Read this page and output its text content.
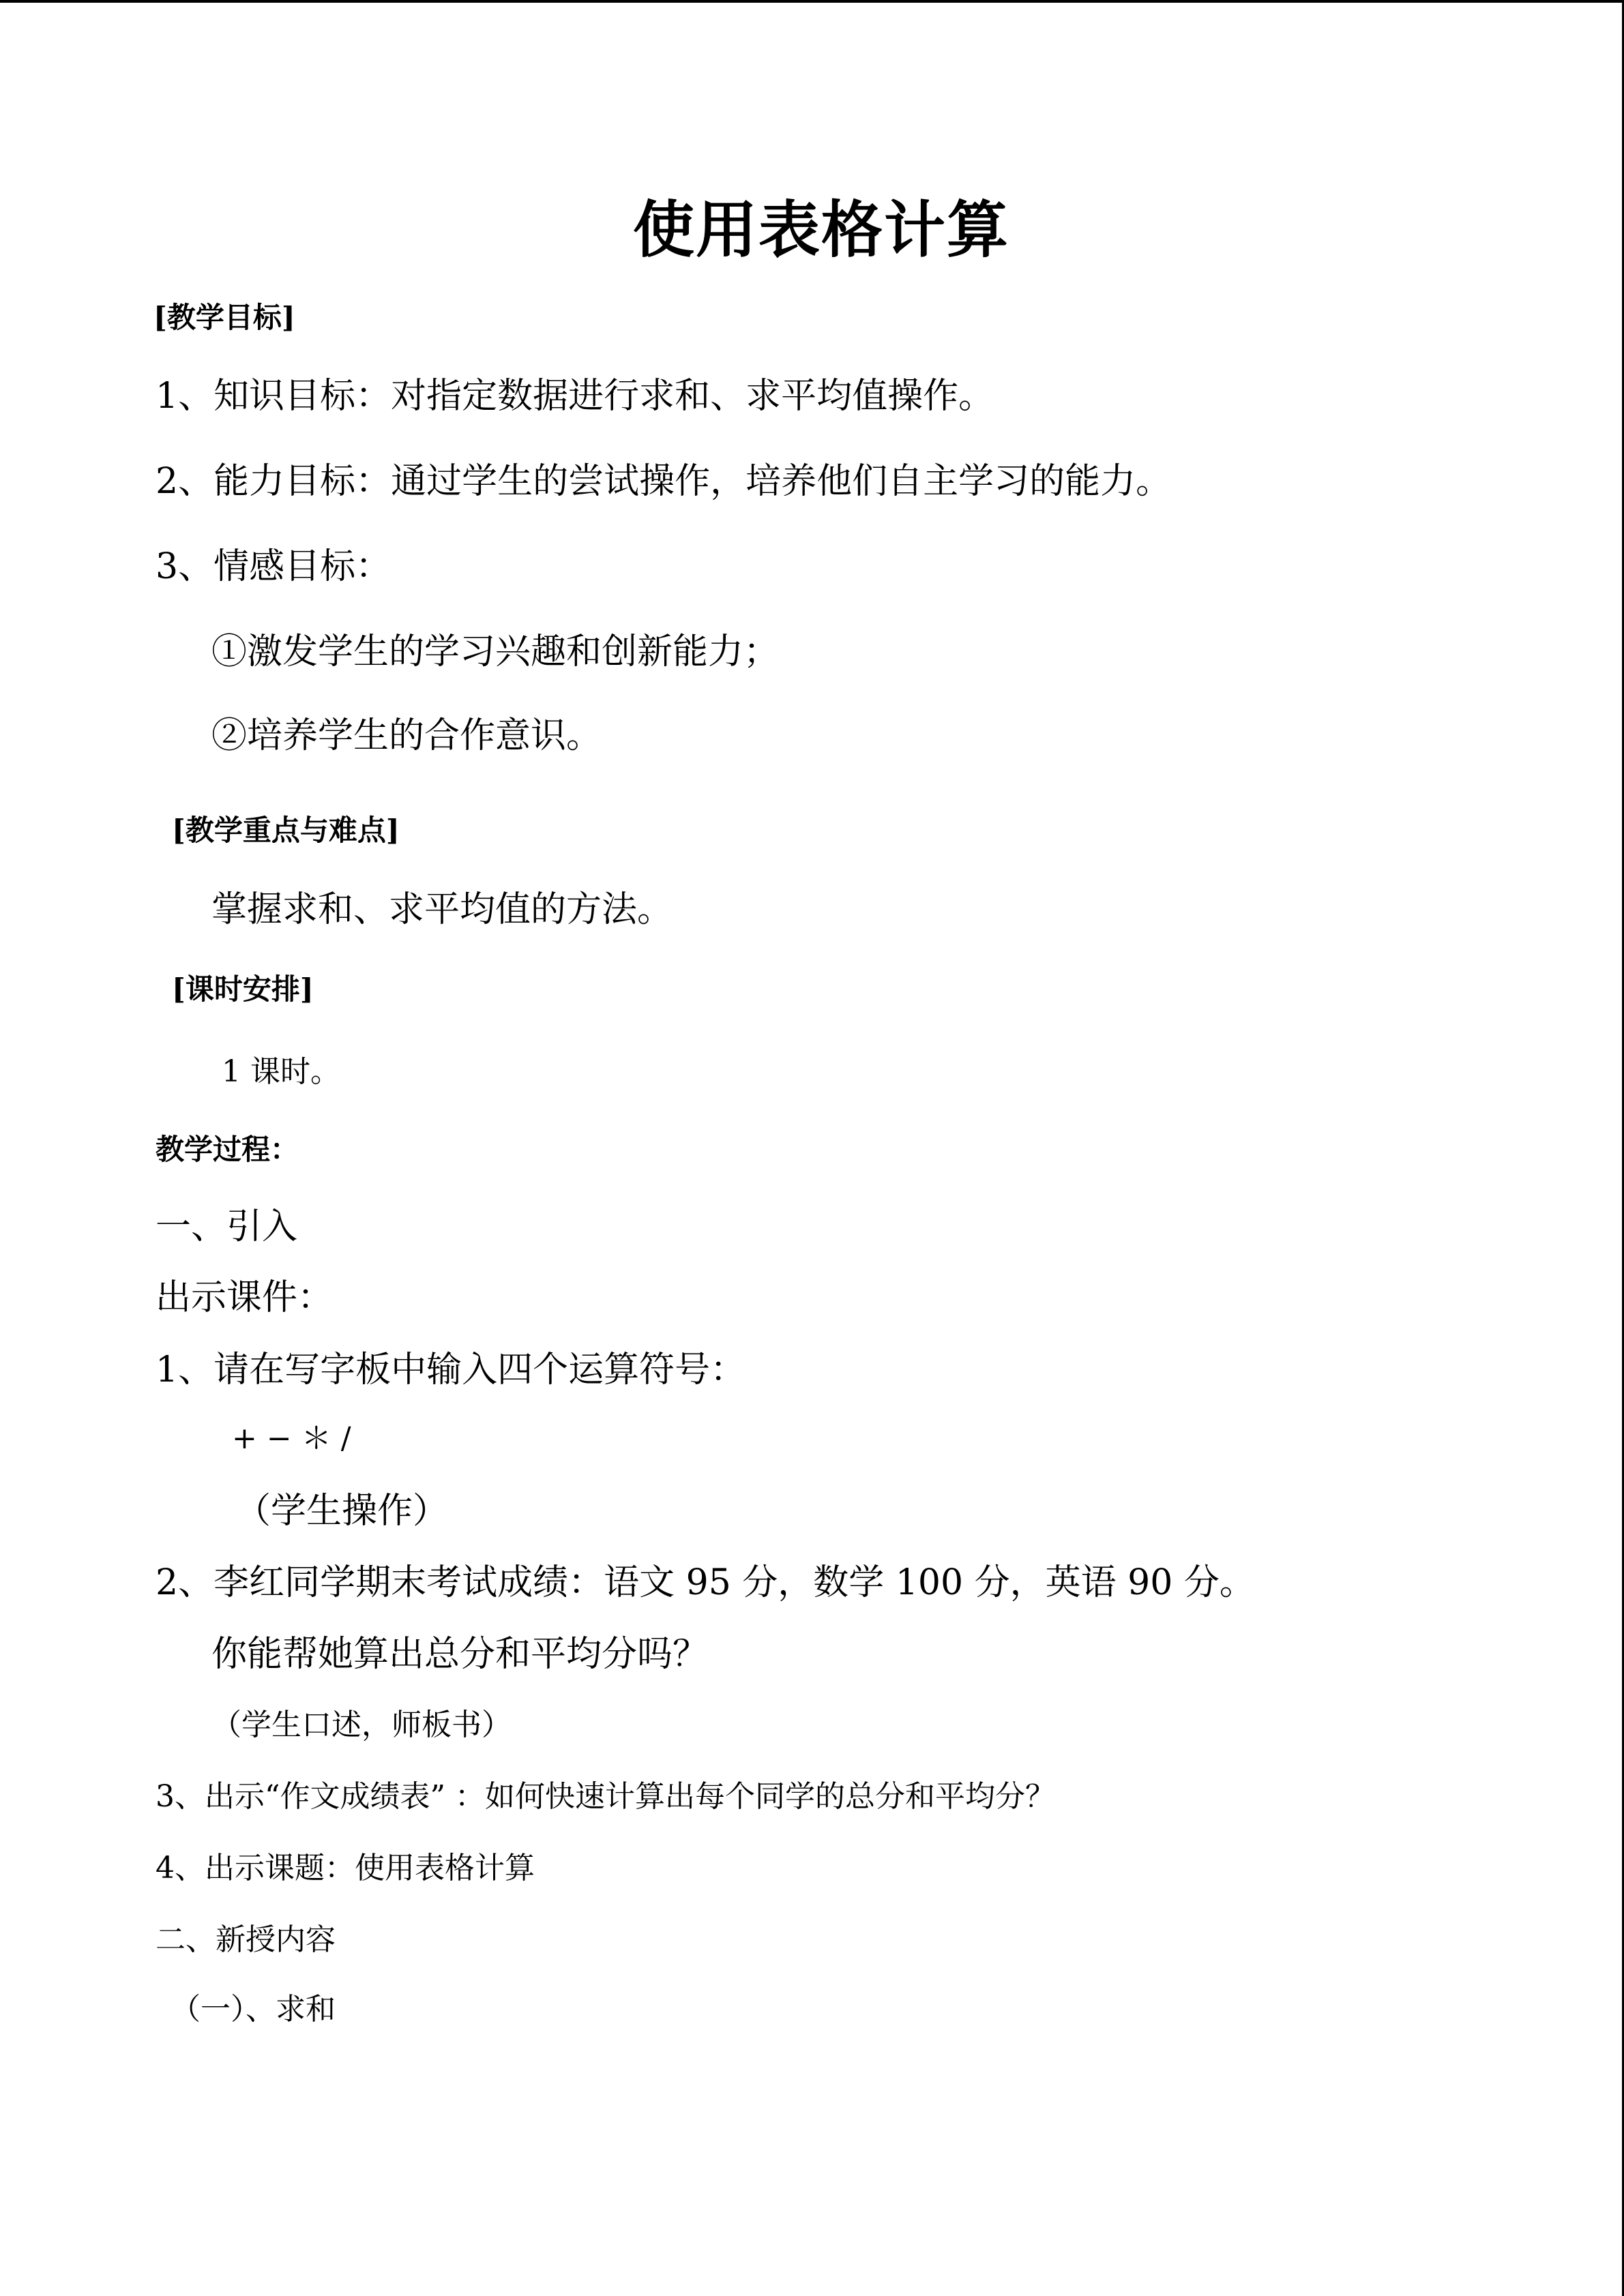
使用表格计算
[教学目标]
1、知识目标：对指定数据进行求和、求平均值操作。
2、能力目标：通过学生的尝试操作，培养他们自主学习的能力。
3、情感目标：
①激发学生的学习兴趣和创新能力；
②培养学生的合作意识。
[教学重点与难点]
掌握求和、求平均值的方法。
[课时安排]
1 课时。
教学过程：
一、引入
出示课件：
1、请在写字板中输入四个运算符号：
+ − ＊ /
（学生操作）
2、李红同学期末考试成绩：语文 95 分，数学 100 分，英语 90 分。
你能帮她算出总分和平均分吗？
（学生口述，师板书）
3、出示“作文成绩表” ：如何快速计算出每个同学的总分和平均分？
4、出示课题：使用表格计算
二、新授内容
（一）、求和
